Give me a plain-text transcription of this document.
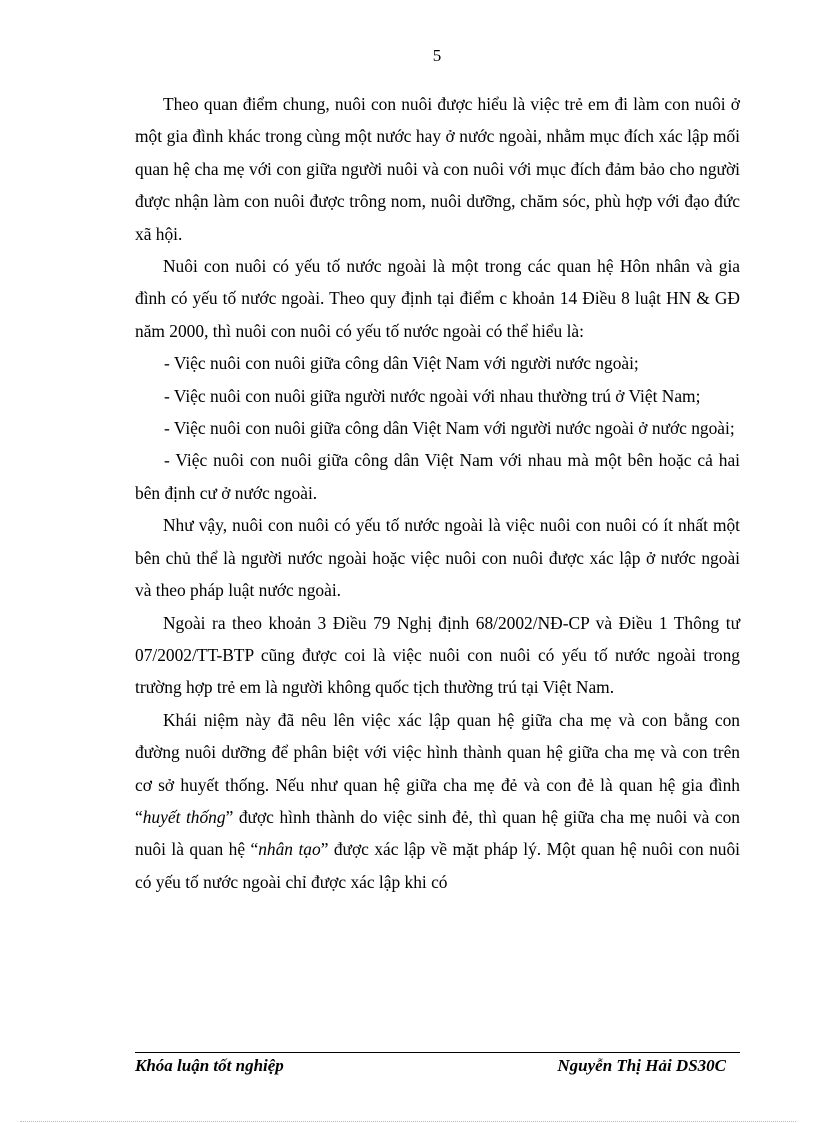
5

Theo quan điểm chung, nuôi con nuôi được hiểu là việc trẻ em đi làm con nuôi ở một gia đình khác trong cùng một nước hay ở nước ngoài, nhằm mục đích xác lập mối quan hệ cha mẹ với con giữa người nuôi và con nuôi với mục đích đảm bảo cho người được nhận làm con nuôi được trông nom, nuôi dưỡng, chăm sóc, phù hợp với đạo đức xã hội.

Nuôi con nuôi có yếu tố nước ngoài là một trong các quan hệ Hôn nhân và gia đình có yếu tố nước ngoài. Theo quy định tại điểm c khoản 14 Điều 8 luật HN & GĐ năm 2000, thì nuôi con nuôi có yếu tố nước ngoài có thể hiểu là:

- Việc nuôi con nuôi giữa công dân Việt Nam với người nước ngoài;

- Việc nuôi con nuôi giữa người nước ngoài với nhau thường trú ở Việt Nam;

- Việc nuôi con nuôi giữa công dân Việt Nam với người nước ngoài ở nước ngoài;

- Việc nuôi con nuôi giữa công dân Việt Nam với nhau mà một bên hoặc cả hai bên định cư ở nước ngoài.

Như vậy, nuôi con nuôi có yếu tố nước ngoài là việc nuôi con nuôi có ít nhất một bên chủ thể là người nước ngoài hoặc việc nuôi con nuôi được xác lập ở nước ngoài và theo pháp luật nước ngoài.

Ngoài ra theo khoản 3 Điều 79 Nghị định 68/2002/NĐ-CP và Điều 1 Thông tư 07/2002/TT-BTP cũng được coi là việc nuôi con nuôi có yếu tố nước ngoài trong trường hợp trẻ em là người không quốc tịch thường trú tại Việt Nam.

Khái niệm này đã nêu lên việc xác lập quan hệ giữa cha mẹ và con bằng con đường nuôi dưỡng để phân biệt với việc hình thành quan hệ giữa cha mẹ và con trên cơ sở huyết thống. Nếu như quan hệ giữa cha mẹ đẻ và con đẻ là quan hệ gia đình “huyết thống” được hình thành do việc sinh đẻ, thì quan hệ giữa cha mẹ nuôi và con nuôi là quan hệ “nhân tạo” được xác lập về mặt pháp lý. Một quan hệ nuôi con nuôi có yếu tố nước ngoài chỉ được xác lập khi có

Khóa luận tốt nghiệp	Nguyễn Thị Hải DS30C
